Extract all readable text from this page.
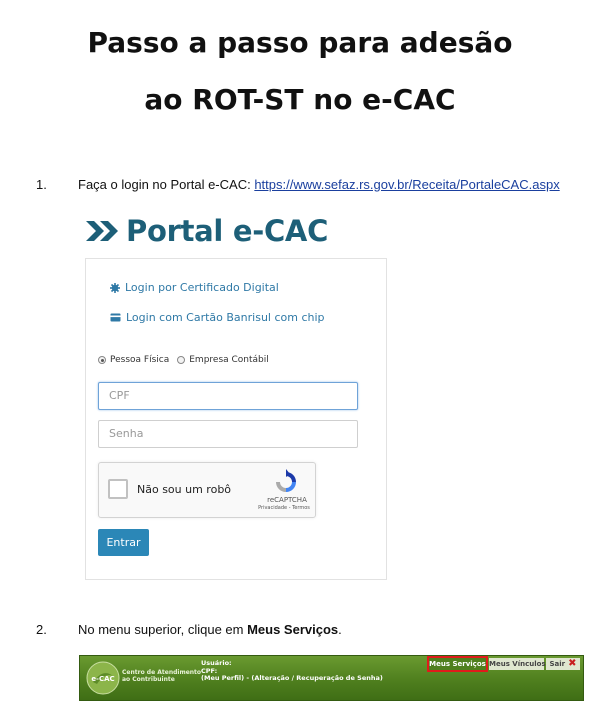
Passo a passo para adesão
ao ROT-ST no e-CAC
1. Faça o login no Portal e-CAC: https://www.sefaz.rs.gov.br/Receita/PortaleCAC.aspx
Portal e-CAC
Login por Certificado Digital
Login com Cartão Banrisul com chip
Pessoa Física Empresa Contábil
CPF
Senha
Não sou um robô
reCAPTCHA
Privacidade - Termos
Entrar
2. No menu superior, clique em Meus Serviços.
e-CAC
Centro de Atendimento
ao Contribuinte
Usuário:
CPF:
(Meu Perfil) - (Alteração / Recuperação de Senha)
Meus Serviços Meus Vínculos Sair ✖
